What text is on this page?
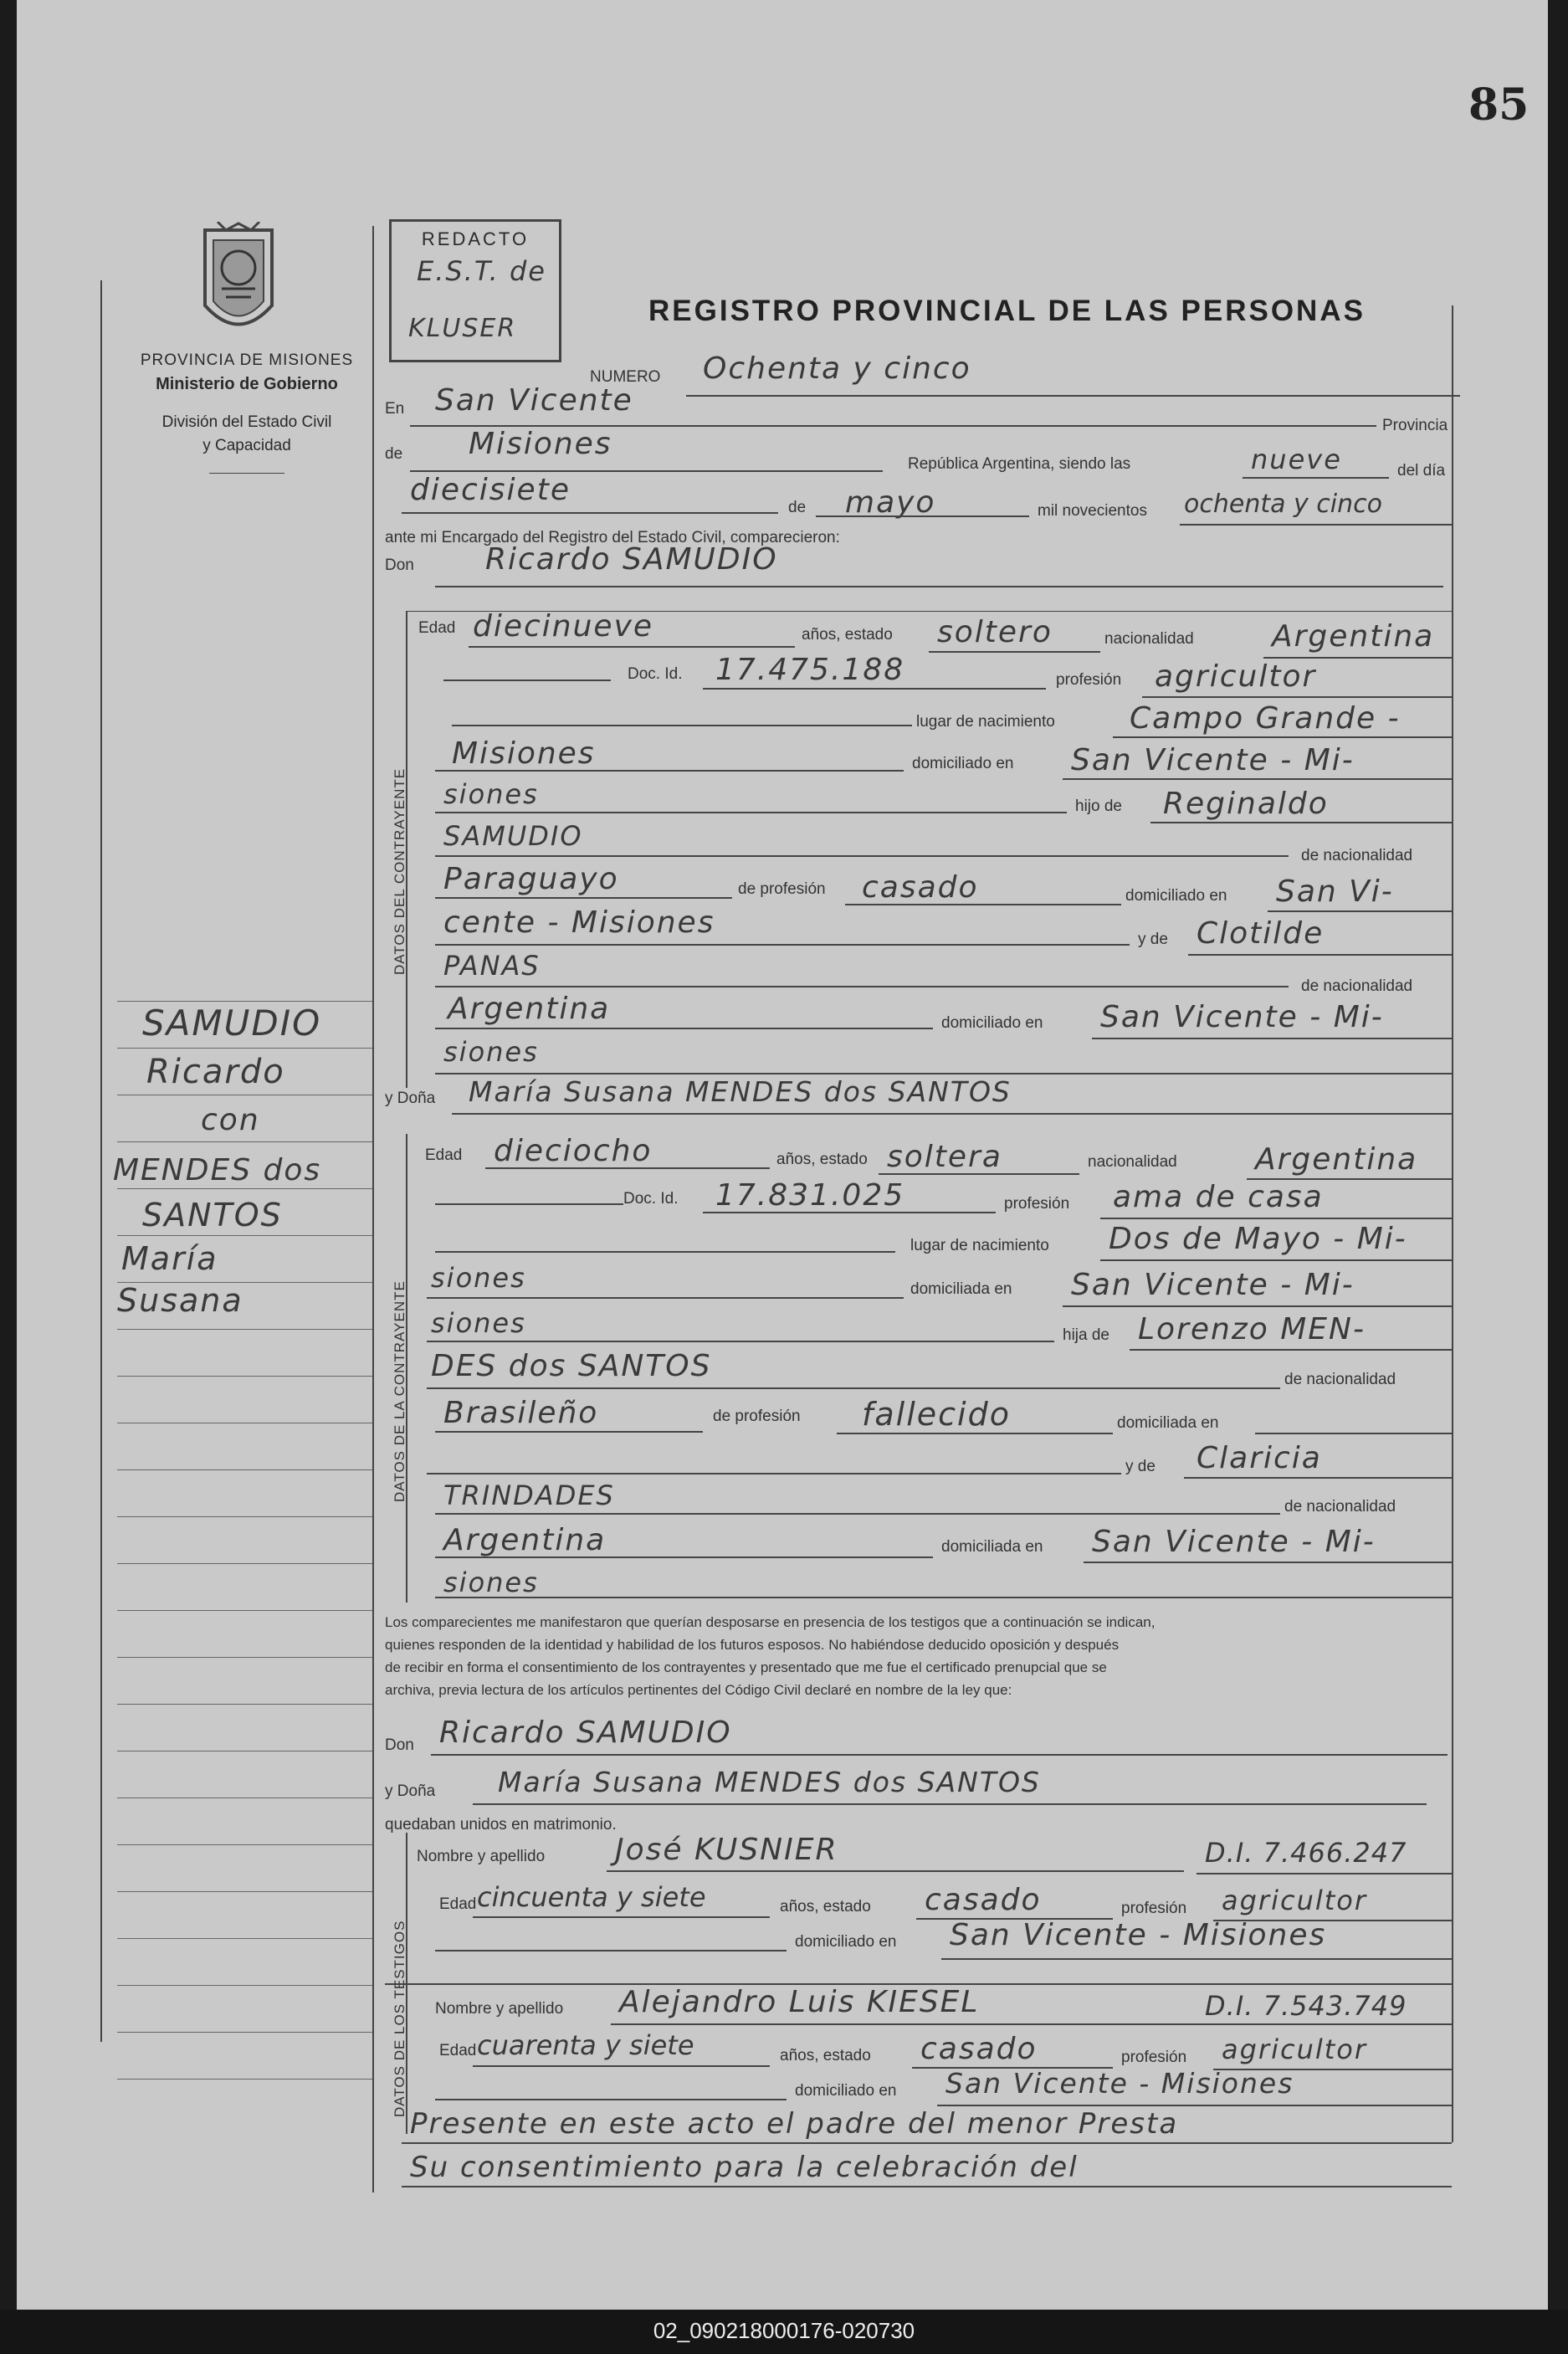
85
PROVINCIA DE MISIONES
Ministerio de Gobierno
División del Estado Civil
y Capacidad
REDACTO
E.S.T. de
KLUSER
REGISTRO PROVINCIAL DE LAS PERSONAS
NUMERO Ochenta y cinco
En San Vicente
Provincia
de Misiones
República Argentina, siendo las	nueve	del día
diecisiete
de mayo	mil novecientos ochenta y cinco
ante mi Encargado del Registro del Estado Civil, comparecieron:
Don Ricardo SAMUDIO
DATOS DEL CONTRAYENTE
Edad diecinueve	años, estado soltero	nacionalidad	Argentina
Doc. Id. 17.475.188	profesión agricultor
lugar de nacimiento Campo Grande -
Misiones	domiciliado en San Vicente - Mi-
siones	hijo de Reginaldo
SAMUDIO
de nacionalidad
Paraguayo	de profesión casado	domiciliado en San Vi-
cente - Misiones	y de Clotilde
PANAS
de nacionalidad
Argentina	domiciliado en San Vicente - Mi-
siones
y Doña María Susana MENDES dos SANTOS
DATOS DE LA CONTRAYENTE
Edad dieciocho	años, estado soltera	nacionalidad	Argentina
Doc. Id. 17.831.025	profesión ama de casa
lugar de nacimiento Dos de Mayo - Mi-
siones	domiciliada en San Vicente - Mi-
siones	hija de Lorenzo MEN-
DES dos SANTOS	de nacionalidad
Brasileño	de profesión fallecido	domiciliada en
y de Claricia
TRINDADES	de nacionalidad
Argentina	domiciliada en San Vicente - Mi-
siones
Los comparecientes me manifestaron que querían desposarse en presencia de los testigos que a continuación se indican,
quienes responden de la identidad y habilidad de los futuros esposos. No habiéndose deducido oposición y después
de recibir en forma el consentimiento de los contrayentes y presentado que me fue el certificado prenupcial que se
archiva, previa lectura de los artículos pertinentes del Código Civil declaré en nombre de la ley que:
Don Ricardo SAMUDIO
y Doña María Susana MENDES dos SANTOS
quedaban unidos en matrimonio.
DATOS DE LOS TESTIGOS
Nombre y apellido José KUSNIER	D.I. 7.466.247
Edad cincuenta y siete	años, estado casado	profesión agricultor
domiciliado en San Vicente - Misiones
Nombre y apellido Alejandro Luis KIESEL	D.I. 7.543.749
Edad cuarenta y siete	años, estado casado	profesión agricultor
domiciliado en San Vicente - Misiones
Presente en este acto el padre del menor Presta
Su consentimiento para la celebración del
SAMUDIO
Ricardo
con
MENDES dos
SANTOS
María
Susana
02_090218000176-020730
